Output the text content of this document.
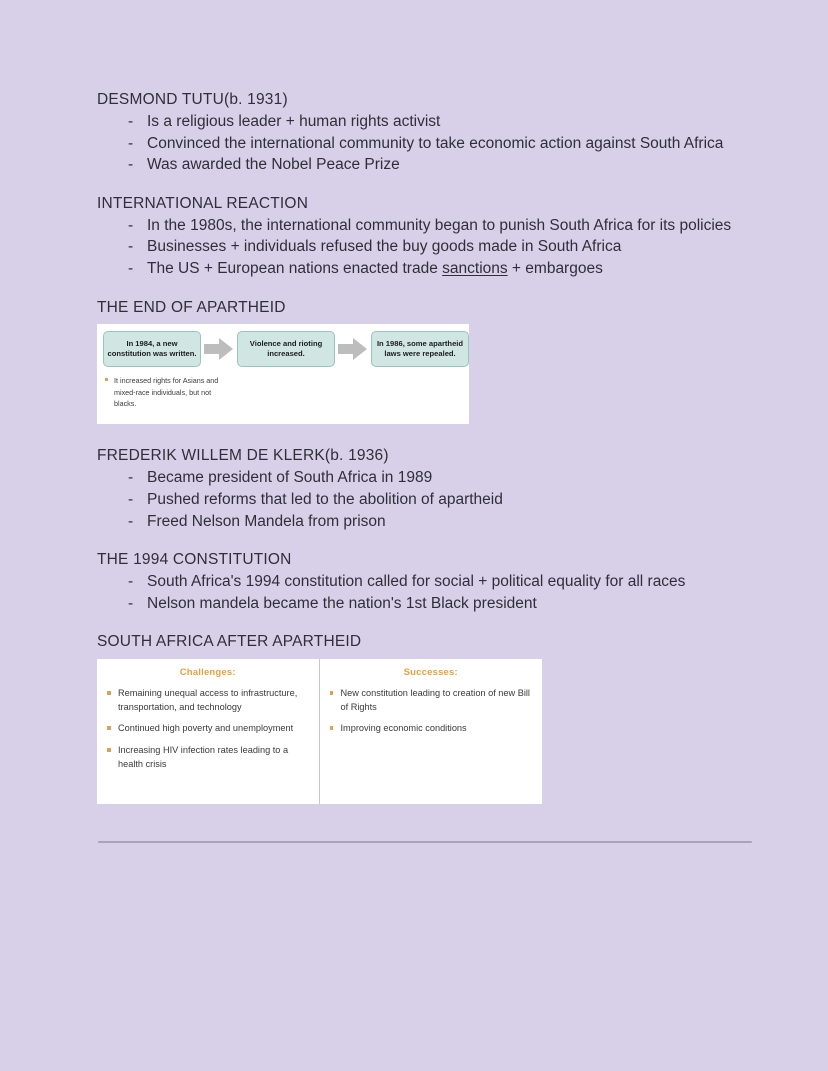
DESMOND TUTU(b. 1931)
- Is a religious leader + human rights activist
- Convinced the international community to take economic action against South Africa
- Was awarded the Nobel Peace Prize
INTERNATIONAL REACTION
- In the 1980s, the international community began to punish South Africa for its policies
- Businesses + individuals refused the buy goods made in South Africa
- The US + European nations enacted trade sanctions + embargoes
THE END OF APARTHEID
In 1984, a new constitution was written.
Violence and rioting increased.
In 1986, some apartheid laws were repealed.
It increased rights for Asians and mixed-race individuals, but not blacks.
FREDERIK WILLEM DE KLERK(b. 1936)
- Became president of South Africa in 1989
- Pushed reforms that led to the abolition of apartheid
- Freed Nelson Mandela from prison
THE 1994 CONSTITUTION
- South Africa's 1994 constitution called for social + political equality for all races
- Nelson mandela became the nation's 1st Black president
SOUTH AFRICA AFTER APARTHEID
Challenges:
Remaining unequal access to infrastructure, transportation, and technology
Continued high poverty and unemployment
Increasing HIV infection rates leading to a health crisis
Successes:
New constitution leading to creation of new Bill of Rights
Improving economic conditions
